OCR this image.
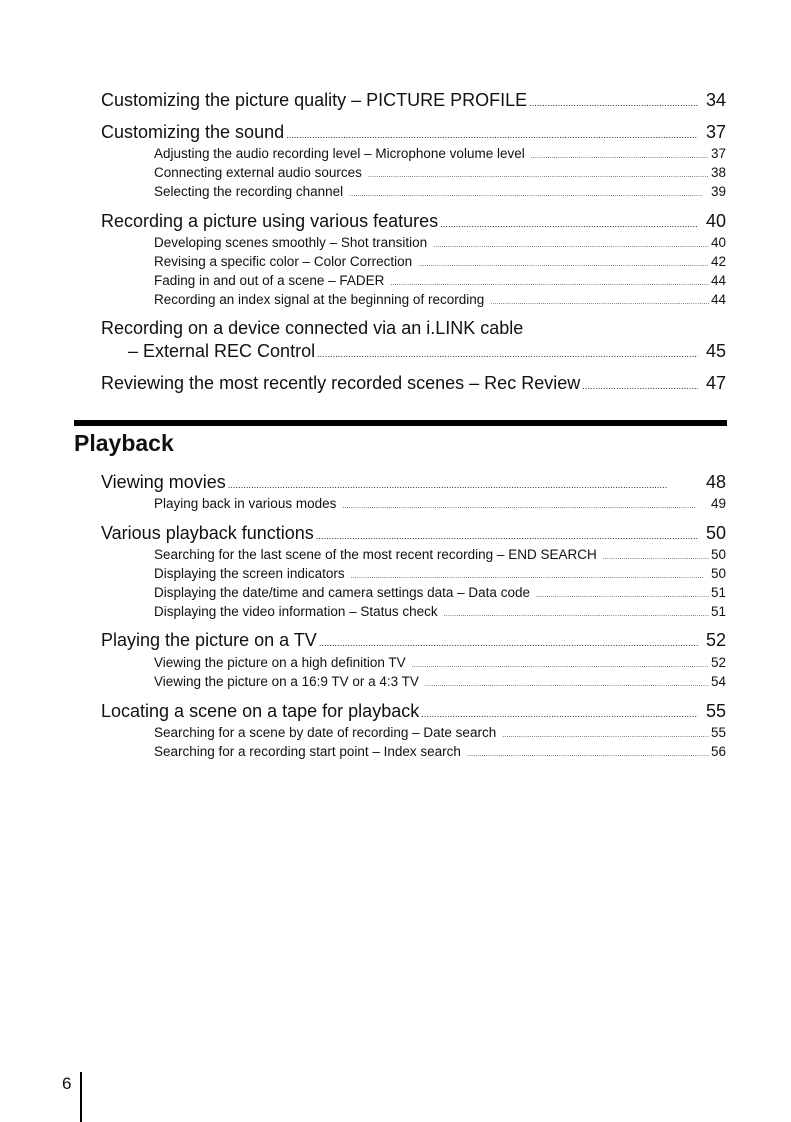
Customizing the picture quality – PICTURE PROFILE . . .	34
Customizing the sound . . .	37
Adjusting the audio recording level – Microphone volume level . . .	37
Connecting external audio sources . . .	38
Selecting the recording channel . . .	39
Recording a picture using various features . . .	40
Developing scenes smoothly – Shot transition . . .	40
Revising a specific color – Color Correction . . .	42
Fading in and out of a scene – FADER . . .	44
Recording an index signal at the beginning of recording . . .	44
Recording on a device connected via an i.LINK cable
– External REC Control . . .	45
Reviewing the most recently recorded scenes – Rec Review . . .	47
Playback
Viewing movies . . .	48
Playing back in various modes . . .	49
Various playback functions . . .	50
Searching for the last scene of the most recent recording – END SEARCH . . .	50
Displaying the screen indicators . . .	50
Displaying the date/time and camera settings data – Data code . . .	51
Displaying the video information – Status check . . .	51
Playing the picture on a TV . . .	52
Viewing the picture on a high definition TV . . .	52
Viewing the picture on a 16:9 TV or a 4:3 TV . . .	54
Locating a scene on a tape for playback . . .	55
Searching for a scene by date of recording – Date search . . .	55
Searching for a recording start point – Index search . . .	56
6
